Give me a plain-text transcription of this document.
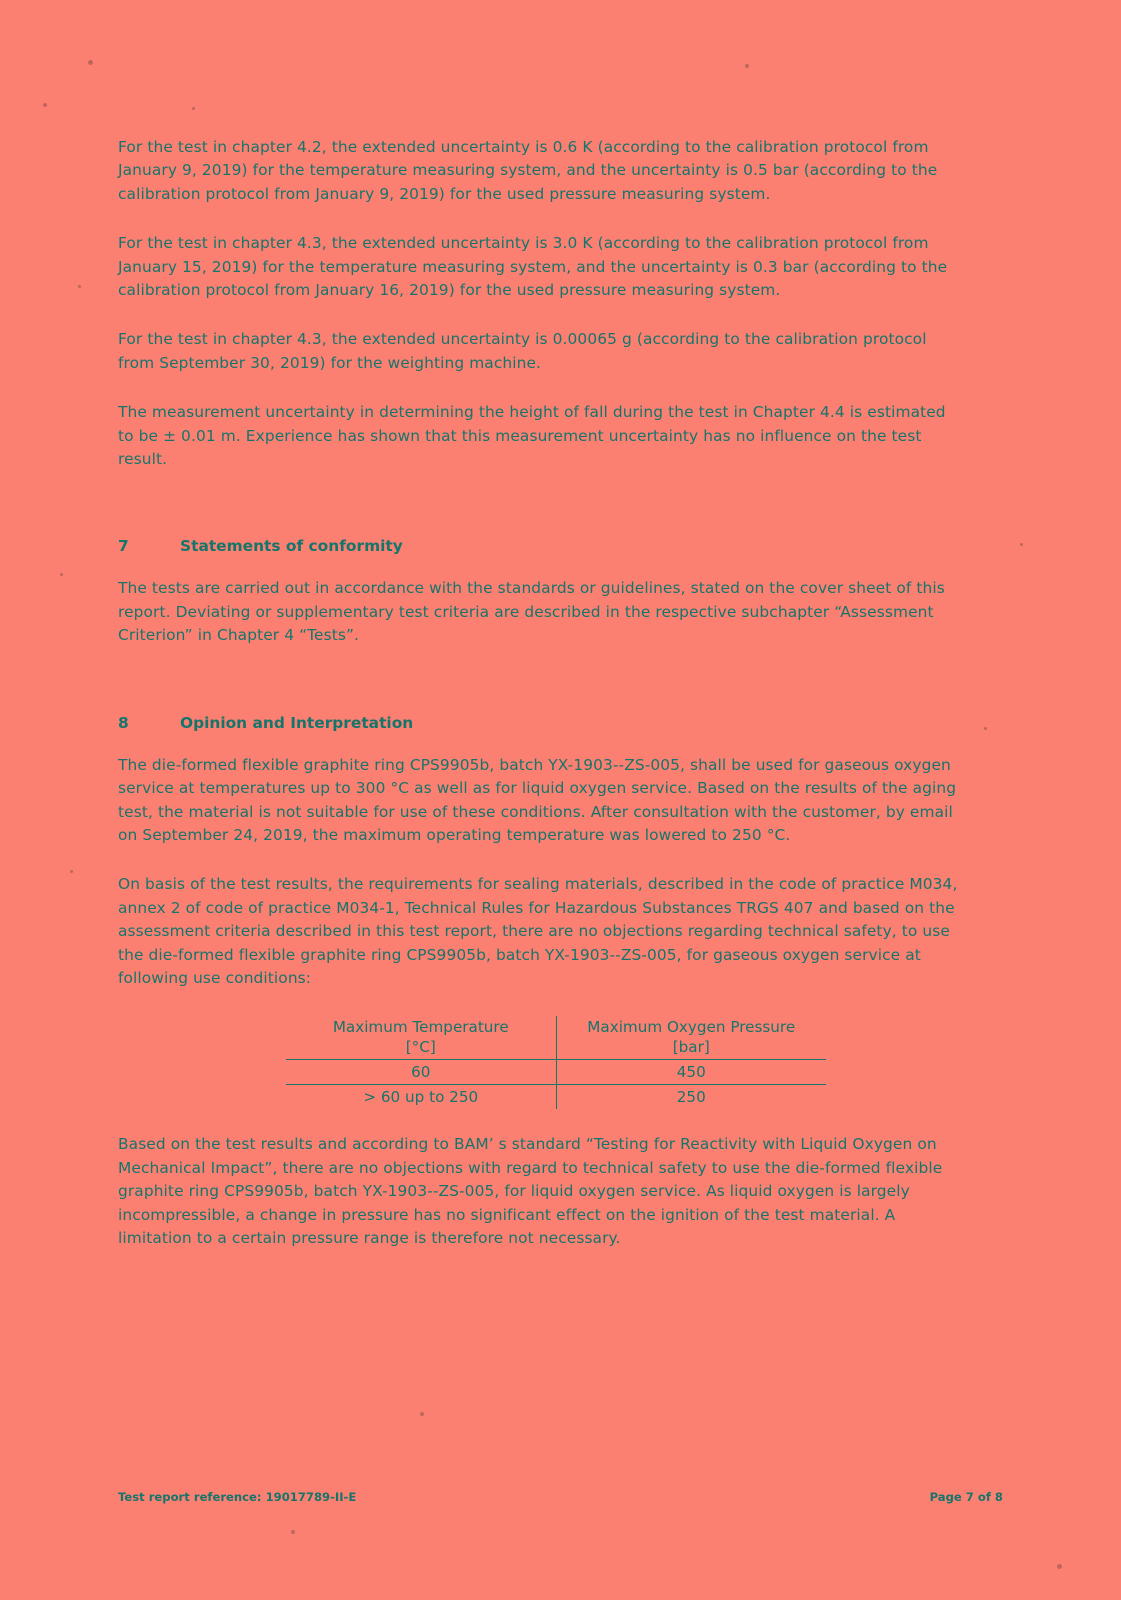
For the test in chapter 4.2, the extended uncertainty is 0.6 K (according to the calibration protocol from January 9, 2019) for the temperature measuring system, and the uncertainty is 0.5 bar (according to the calibration protocol from January 9, 2019) for the used pressure measuring system.

For the test in chapter 4.3, the extended uncertainty is 3.0 K (according to the calibration protocol from January 15, 2019) for the temperature measuring system, and the uncertainty is 0.3 bar (according to the calibration protocol from January 16, 2019) for the used pressure measuring system.

For the test in chapter 4.3, the extended uncertainty is 0.00065 g (according to the calibration protocol from September 30, 2019) for the weighting machine.

The measurement uncertainty in determining the height of fall during the test in Chapter 4.4 is estimated to be ± 0.01 m. Experience has shown that this measurement uncertainty has no influence on the test result.

7	Statements of conformity

The tests are carried out in accordance with the standards or guidelines, stated on the cover sheet of this report. Deviating or supplementary test criteria are described in the respective subchapter “Assessment Criterion” in Chapter 4 “Tests”.

8	Opinion and Interpretation

The die-formed flexible graphite ring CPS9905b, batch YX-1903--ZS-005, shall be used for gaseous oxygen service at temperatures up to 300 °C as well as for liquid oxygen service. Based on the results of the aging test, the material is not suitable for use of these conditions. After consultation with the customer, by email on September 24, 2019, the maximum operating temperature was lowered to 250 °C.

On basis of the test results, the requirements for sealing materials, described in the code of practice M034, annex 2 of code of practice M034-1, Technical Rules for Hazardous Substances TRGS 407 and based on the assessment criteria described in this test report, there are no objections regarding technical safety, to use the die-formed flexible graphite ring CPS9905b, batch YX-1903--ZS-005, for gaseous oxygen service at following use conditions:

Maximum Temperature	Maximum Oxygen Pressure
[°C]	[bar]
60	450
> 60 up to 250	250

Based on the test results and according to BAM’ s standard “Testing for Reactivity with Liquid Oxygen on Mechanical Impact”, there are no objections with regard to technical safety to use the die-formed flexible graphite ring CPS9905b, batch YX-1903--ZS-005, for liquid oxygen service. As liquid oxygen is largely incompressible, a change in pressure has no significant effect on the ignition of the test material. A limitation to a certain pressure range is therefore not necessary.

Test report reference: 19017789-II-E	Page 7 of 8
